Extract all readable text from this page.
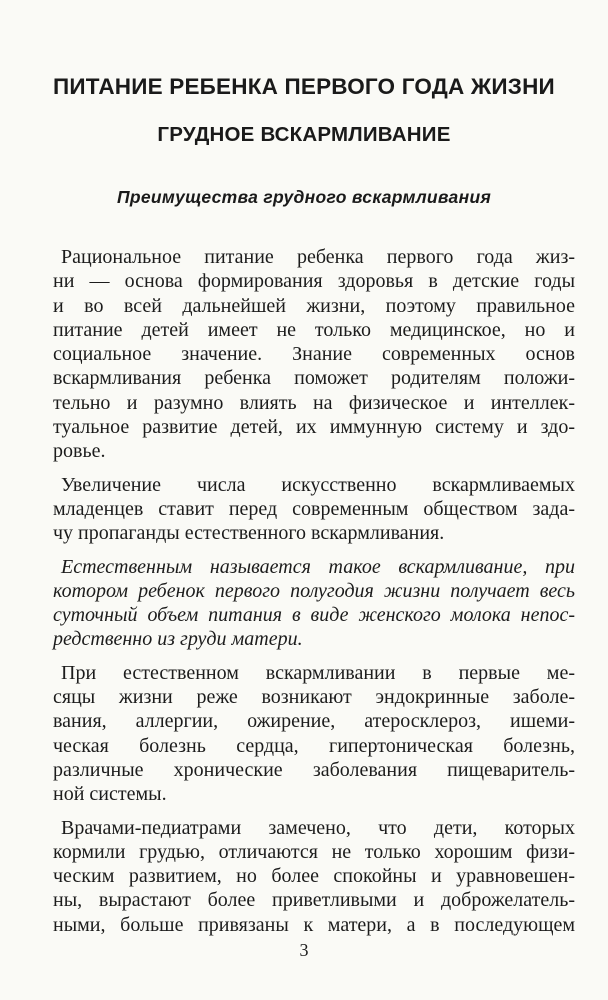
ПИТАНИЕ РЕБЕНКА ПЕРВОГО ГОДА ЖИЗНИ
ГРУДНОЕ ВСКАРМЛИВАНИЕ
Преимущества грудного вскармливания
Рациональное питание ребенка первого года жиз-
ни — основа формирования здоровья в детские годы
и во всей дальнейшей жизни, поэтому правильное
питание детей имеет не только медицинское, но и
социальное значение. Знание современных основ
вскармливания ребенка поможет родителям положи-
тельно и разумно влиять на физическое и интеллек-
туальное развитие детей, их иммунную систему и здо-
ровье.
Увеличение числа искусственно вскармливаемых
младенцев ставит перед современным обществом зада-
чу пропаганды естественного вскармливания.
Естественным называется такое вскармливание, при
котором ребенок первого полугодия жизни получает весь
суточный объем питания в виде женского молока непос-
редственно из груди матери.
При естественном вскармливании в первые ме-
сяцы жизни реже возникают эндокринные заболе-
вания, аллергии, ожирение, атеросклероз, ишеми-
ческая болезнь сердца, гипертоническая болезнь,
различные хронические заболевания пищеваритель-
ной системы.
Врачами-педиатрами замечено, что дети, которых
кормили грудью, отличаются не только хорошим физи-
ческим развитием, но более спокойны и уравновешен-
ны, вырастают более приветливыми и доброжелатель-
ными, больше привязаны к матери, а в последующем
3
